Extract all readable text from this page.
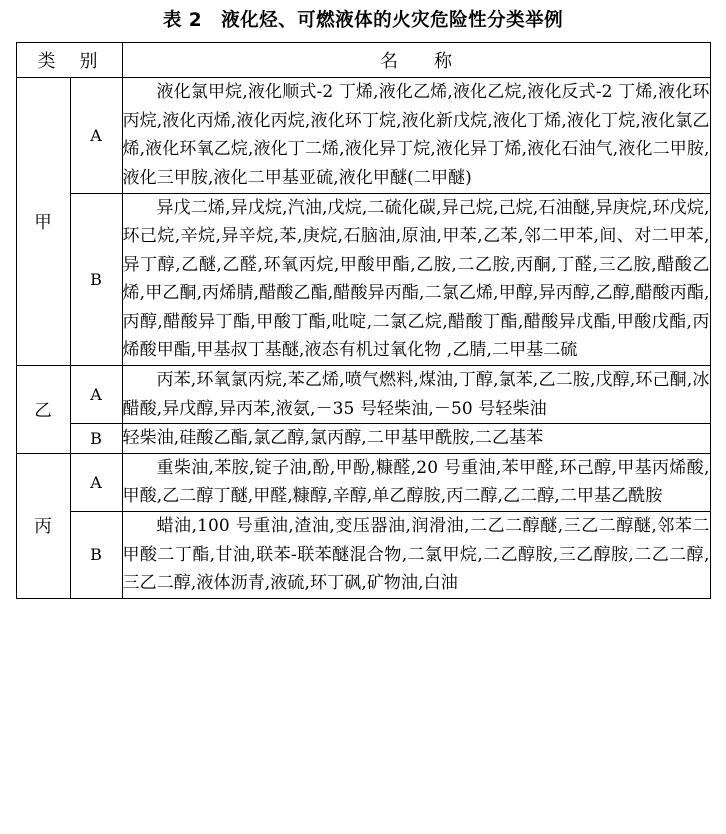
表 2　液化烃、可燃液体的火灾危险性分类举例
类　别		名　　称
甲	A	液化氯甲烷,液化顺式-2 丁烯,液化乙烯,液化乙烷,液化反式-2 丁烯,液化环丙烷,液化丙烯,液化丙烷,液化环丁烷,液化新戊烷,液化丁烯,液化丁烷,液化氯乙烯,液化环氧乙烷,液化丁二烯,液化异丁烷,液化异丁烯,液化石油气,液化二甲胺,液化三甲胺,液化二甲基亚硫,液化甲醚(二甲醚)
	B	异戊二烯,异戊烷,汽油,戊烷,二硫化碳,异己烷,己烷,石油醚,异庚烷,环戊烷,环己烷,辛烷,异辛烷,苯,庚烷,石脑油,原油,甲苯,乙苯,邻二甲苯,间、对二甲苯,异丁醇,乙醚,乙醛,环氧丙烷,甲酸甲酯,乙胺,二乙胺,丙酮,丁醛,三乙胺,醋酸乙烯,甲乙酮,丙烯腈,醋酸乙酯,醋酸异丙酯,二氯乙烯,甲醇,异丙醇,乙醇,醋酸丙酯,丙醇,醋酸异丁酯,甲酸丁酯,吡啶,二氯乙烷,醋酸丁酯,醋酸异戊酯,甲酸戊酯,丙烯酸甲酯,甲基叔丁基醚,液态有机过氧化物 ,乙腈,二甲基二硫
乙	A	丙苯,环氧氯丙烷,苯乙烯,喷气燃料,煤油,丁醇,氯苯,乙二胺,戊醇,环己酮,冰醋酸,异戊醇,异丙苯,液氨,－35 号轻柴油,－50 号轻柴油
	B	轻柴油,硅酸乙酯,氯乙醇,氯丙醇,二甲基甲酰胺,二乙基苯
丙	A	重柴油,苯胺,锭子油,酚,甲酚,糠醛,20 号重油,苯甲醛,环己醇,甲基丙烯酸,甲酸,乙二醇丁醚,甲醛,糠醇,辛醇,单乙醇胺,丙二醇,乙二醇,二甲基乙酰胺
	B	蜡油,100 号重油,渣油,变压器油,润滑油,二乙二醇醚,三乙二醇醚,邻苯二甲酸二丁酯,甘油,联苯-联苯醚混合物,二氯甲烷,二乙醇胺,三乙醇胺,二乙二醇,三乙二醇,液体沥青,液硫,环丁砜,矿物油,白油
